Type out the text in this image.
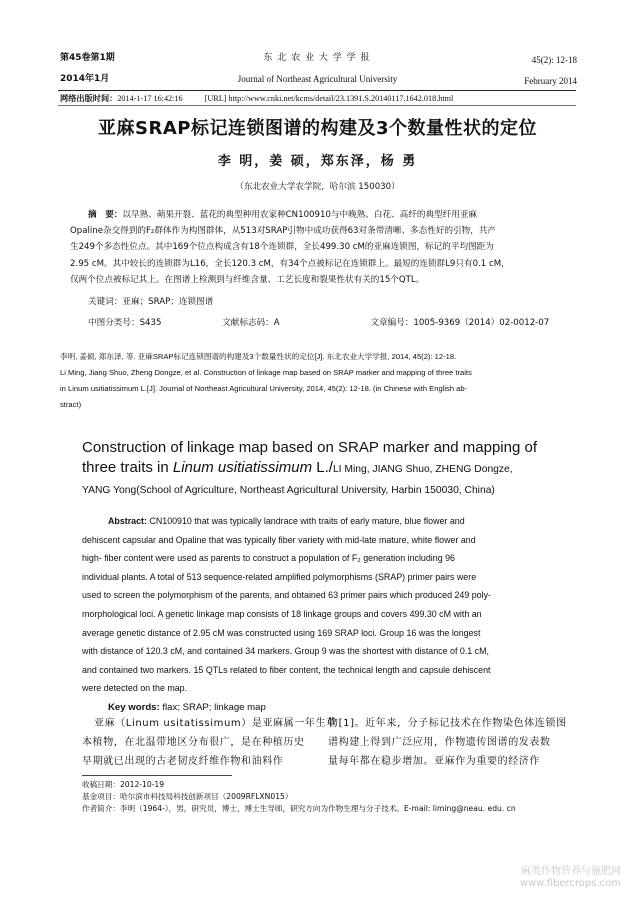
第45卷第1期
2014年1月
东 北 农 业 大 学 学 报
Journal of Northeast Agricultural University
45(2): 12-18
February 2014
网络出版时间：2014-1-17 16:42:16	[URL] http://www.cnki.net/kcms/detail/23.1391.S.20140117.1642.018.html
亚麻SRAP标记连锁图谱的构建及3个数量性状的定位
李 明，姜 硕，郑东泽，杨 勇
（东北农业大学农学院，哈尔滨 150030）
摘　要：以早熟、蒴果开裂、蓝花的典型种用农家种CN100910与中晚熟、白花、高纤的典型纤用亚麻
Opaline杂交得到的F₂群体作为构图群体，从513对SRAP引物中成功获得63对条带清晰、多态性好的引物，共产
生249个多态性位点。其中169个位点构成含有18个连锁群，全长499.30 cM的亚麻连锁图，标记的平均图距为
2.95 cM。其中较长的连锁群为L16，全长120.3 cM，有34个点被标记在连锁群上。最短的连锁群L9只有0.1 cM，
仅两个位点被标记其上。在图谱上检测到与纤维含量、工艺长度和裂果性状有关的15个QTL。
关键词：亚麻；SRAP；连锁图谱
中图分类号：S435	文献标志码：A	文章编号：1005-9369（2014）02-0012-07
李明, 姜硕, 郑东泽, 等. 亚麻SRAP标记连锁图谱的构建及3个数量性状的定位[J]. 东北农业大学学报, 2014, 45(2): 12-18.
Li Ming, Jiang Shuo, Zheng Dongze, et al. Construction of linkage map based on SRAP marker and mapping of three traits
in Linum usitiatissimum L.[J]. Journal of Northeast Agricultural University, 2014, 45(2): 12-18. (in Chinese with English ab-
stract)
Construction of linkage map based on SRAP marker and mapping of
three traits in Linum usitiatissimum L./LI Ming, JIANG Shuo, ZHENG Dongze,
YANG Yong(School of Agriculture, Northeast Agricultural University, Harbin 150030, China)
Abstract: CN100910 that was typically landrace with traits of early mature, blue flower and
dehiscent capsular and Opaline that was typically fiber variety with mid-late mature, white flower and
high- fiber content were used as parents to construct a population of F₂ generation including 96
individual plants. A total of 513 sequence-related amplified polymorphisms (SRAP) primer pairs were
used to screen the polymorphism of the parents, and obtained 63 primer pairs which produced 249 poly-
morphological loci. A genetic linkage map consists of 18 linkage groups and covers 499.30 cM with an
average genetic distance of 2.95 cM was constructed using 169 SRAP loci. Group 16 was the longest
with distance of 120.3 cM, and contained 34 markers. Group 9 was the shortest with distance of 0.1 cM,
and contained two markers. 15 QTLs related to fiber content, the technical length and capsule dehiscent
were detected on the map.
Key words: flax; SRAP; linkage map
亚麻（Linum usitatissimum）是亚麻属一年生草
本植物，在北温带地区分布很广，是在种植历史
早期就已出现的古老韧皮纤维作物和油料作
物[1]。近年来，分子标记技术在作物染色体连锁图
谱构建上得到广泛应用，作物遗传图谱的发表数
量每年都在稳步增加。亚麻作为重要的经济作
收稿日期：2012-10-19
基金项目：哈尔滨市科技局科技创新项目（2009RFLXN015）
作者简介：李明（1964-），男，研究员，博士，博士生导师，研究方向为作物生理与分子技术。E-mail: liming@neau. edu. cn
麻类作物营养与施肥网
www.fibercrops.com
